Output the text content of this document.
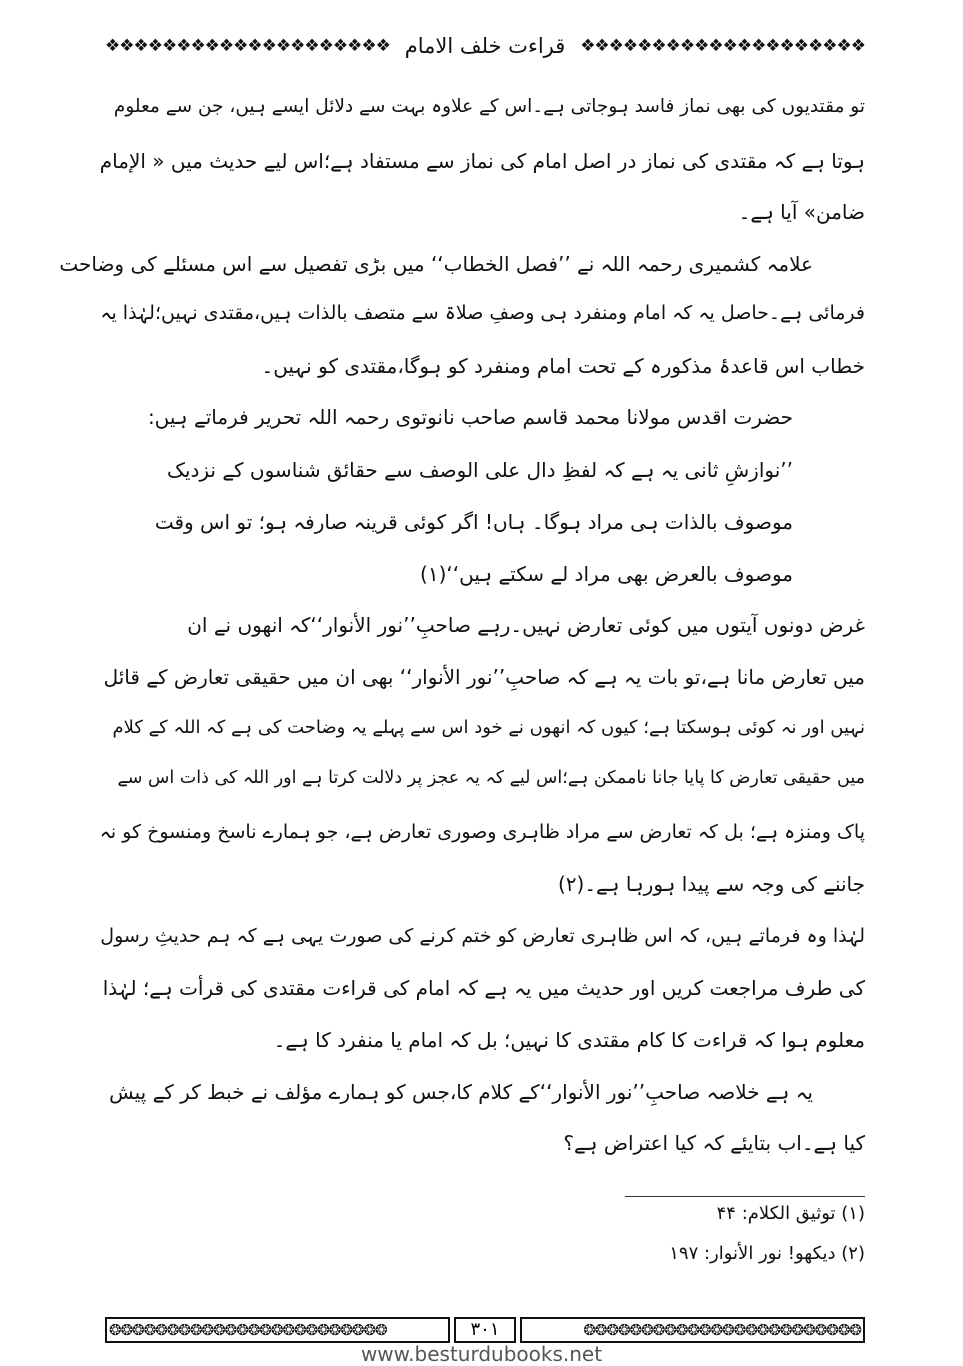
❖❖❖❖❖❖❖❖❖❖❖❖❖❖❖❖❖❖❖❖ قراءت خلف الامام ❖❖❖❖❖❖❖❖❖❖❖❖❖❖❖❖❖❖❖❖

تو مقتدیوں کی بھی نماز فاسد ہوجاتی ہے۔اس کے علاوہ بہت سے دلائل ایسے ہیں، جن سے معلوم

ہوتا ہے کہ مقتدی کی نماز در اصل امام کی نماز سے مستفاد ہے؛اس لیے حدیث میں « الإمام

ضامن» آیا ہے۔

علامہ کشمیری رحمہ اللہ نے ’’فصل الخطاب‘‘ میں بڑی تفصیل سے اس مسئلے کی وضاحت

فرمائی ہے۔حاصل یہ کہ امام ومنفرد ہی وصفِ صلاۃ سے متصف بالذات ہیں،مقتدی نہیں؛لہٰذا یہ

خطاب اس قاعدۂ مذکورہ کے تحت امام ومنفرد کو ہوگا،مقتدی کو نہیں۔

حضرت اقدس مولانا محمد قاسم صاحب نانوتوی رحمہ اللہ تحریر فرماتے ہیں:

’’نوازشِ ثانی یہ ہے کہ لفظِ دال علی الوصف سے حقائق شناسوں کے نزدیک

موصوف بالذات ہی مراد ہوگا۔ ہاں! اگر کوئی قرینہ صارفہ ہو؛ تو اس وقت

موصوف بالعرض بھی مراد لے سکتے ہیں‘‘(۱)

غرض دونوں آیتوں میں کوئی تعارض نہیں۔رہے صاحبِ’’نور الأنوار‘‘کہ انھوں نے ان

میں تعارض مانا ہے،تو بات یہ ہے کہ صاحبِ’’نور الأنوار‘‘ بھی ان میں حقیقی تعارض کے قائل

نہیں اور نہ کوئی ہوسکتا ہے؛ کیوں کہ انھوں نے خود اس سے پہلے یہ وضاحت کی ہے کہ اللہ کے کلام

میں حقیقی تعارض کا پایا جانا ناممکن ہے؛اس لیے کہ یہ عجز پر دلالت کرتا ہے اور اللہ کی ذات اس سے

پاک ومنزہ ہے؛ بل کہ تعارض سے مراد ظاہری وصوری تعارض ہے، جو ہمارے ناسخ ومنسوخ کو نہ

جاننے کی وجہ سے پیدا ہورہا ہے۔(۲)

لہٰذا وہ فرماتے ہیں، کہ اس ظاہری تعارض کو ختم کرنے کی صورت یہی ہے کہ ہم حدیثِ رسول

کی طرف مراجعت کریں اور حدیث میں یہ ہے کہ امام کی قراءت مقتدی کی قرأت ہے؛ لہٰذا

معلوم ہوا کہ قراءت کا کام مقتدی کا نہیں؛ بل کہ امام یا منفرد کا ہے۔

یہ ہے خلاصہ صاحبِ’’نور الأنوار‘‘کے کلام کا،جس کو ہمارے مؤلف نے خبط کر کے پیش

کیا ہے۔اب بتایئے کہ کیا اعتراض ہے؟

(۱) توثیق الکلام: ۴۴
(۲) دیکھو! نور الأنوار: ۱۹۷
❂❂❂❂❂❂❂❂❂❂❂❂❂❂❂❂❂❂❂❂❂❂❂❂	۳۰۱	❂❂❂❂❂❂❂❂❂❂❂❂❂❂❂❂❂❂❂❂❂❂❂❂
www.besturdubooks.net
